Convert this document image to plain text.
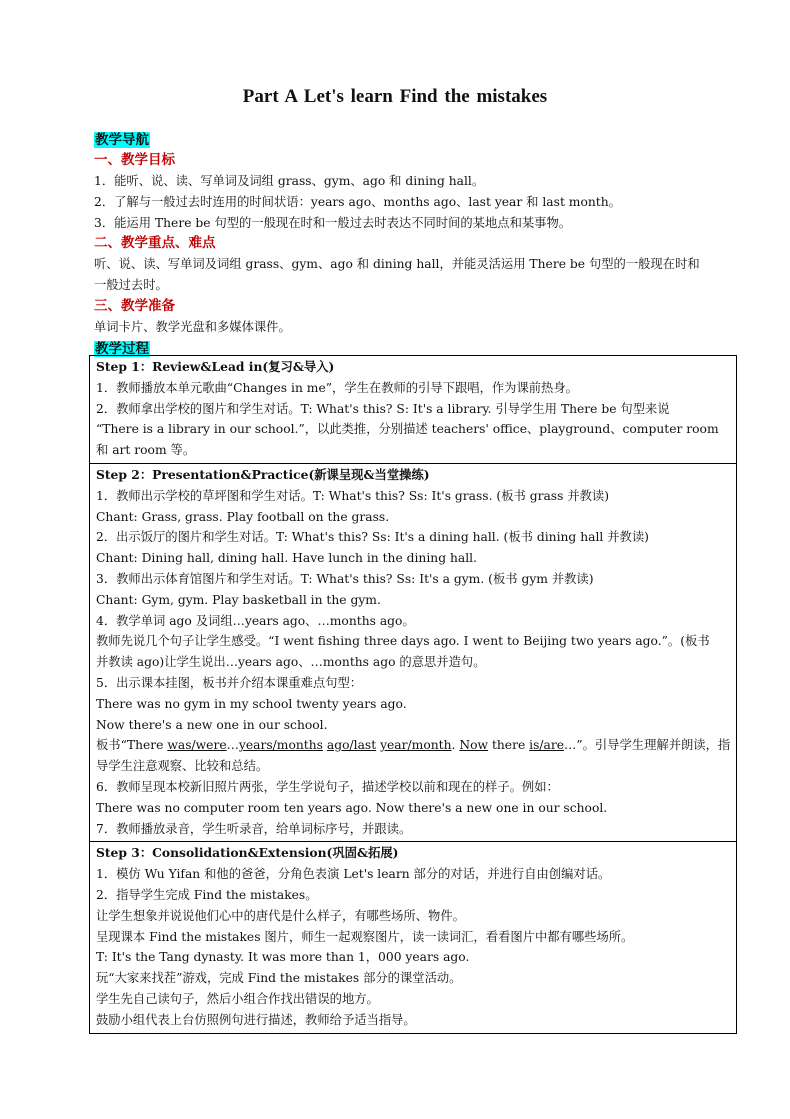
Part A Let's learn Find the mistakes
教学导航
一、教学目标
1．能听、说、读、写单词及词组 grass、gym、ago 和 dining hall。
2．了解与一般过去时连用的时间状语：years ago、months ago、last year 和 last month。
3．能运用 There be 句型的一般现在时和一般过去时表达不同时间的某地点和某事物。
二、教学重点、难点
听、说、读、写单词及词组 grass、gym、ago 和 dining hall，并能灵活运用 There be 句型的一般现在时和一般过去时。
三、教学准备
单词卡片、教学光盘和多媒体课件。
教学过程
Step 1：Review&Lead in(复习&导入)
1．教师播放本单元歌曲“Changes in me”，学生在教师的引导下跟唱，作为课前热身。
2．教师拿出学校的图片和学生对话。T: What's this? S: It's a library. 引导学生用 There be 句型来说
“There is a library in our school.”，以此类推，分别描述 teachers' office、playground、computer room
和 art room 等。

Step 2：Presentation&Practice(新课呈现&当堂操练)
1．教师出示学校的草坪图和学生对话。T: What's this? Ss: It's grass. (板书 grass 并教读)
Chant: Grass, grass. Play football on the grass.
2．出示饭厅的图片和学生对话。T: What's this? Ss: It's a dining hall. (板书 dining hall 并教读)
Chant: Dining hall, dining hall. Have lunch in the dining hall.
3．教师出示体育馆图片和学生对话。T: What's this? Ss: It's a gym. (板书 gym 并教读)
Chant: Gym, gym. Play basketball in the gym.
4．教学单词 ago 及词组…years ago、…months ago。
教师先说几个句子让学生感受。“I went fishing three days ago. I went to Beijing two years ago.”。(板书
并教读 ago)让学生说出…years ago、…months ago 的意思并造句。
5．出示课本挂图，板书并介绍本课重难点句型：
There was no gym in my school twenty years ago.
Now there's a new one in our school.
板书“There was/were…years/months ago/last year/month. Now there is/are…”。引导学生理解并朗读，指
导学生注意观察、比较和总结。
6．教师呈现本校新旧照片两张，学生学说句子，描述学校以前和现在的样子。例如：
There was no computer room ten years ago. Now there's a new one in our school.
7．教师播放录音，学生听录音，给单词标序号，并跟读。

Step 3：Consolidation&Extension(巩固&拓展)
1．模仿 Wu Yifan 和他的爸爸，分角色表演 Let's learn 部分的对话，并进行自由创编对话。
2．指导学生完成 Find the mistakes。
让学生想象并说说他们心中的唐代是什么样子，有哪些场所、物件。
呈现课本 Find the mistakes 图片，师生一起观察图片，读一读词汇，看看图片中都有哪些场所。
T: It's the Tang dynasty. It was more than 1，000 years ago.
玩“大家来找茬”游戏，完成 Find the mistakes 部分的课堂活动。
学生先自己读句子，然后小组合作找出错误的地方。
鼓励小组代表上台仿照例句进行描述，教师给予适当指导。
